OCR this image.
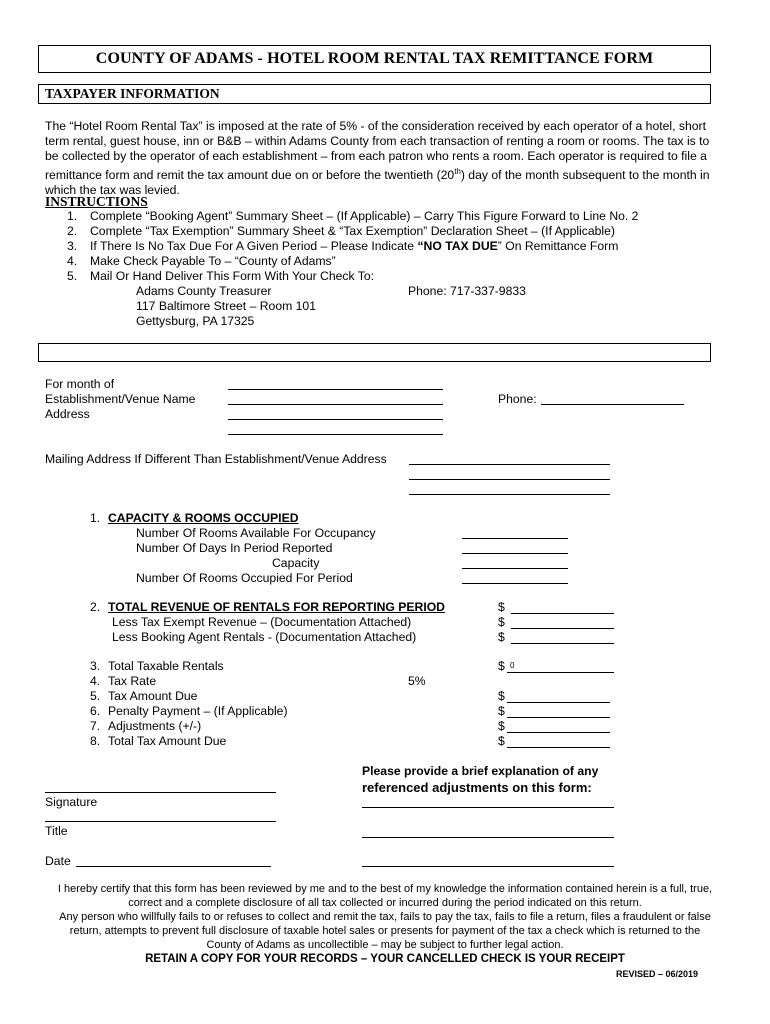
COUNTY OF ADAMS - HOTEL ROOM RENTAL TAX REMITTANCE FORM
TAXPAYER INFORMATION
The “Hotel Room Rental Tax” is imposed at the rate of 5% - of the consideration received by each operator of a hotel, short term rental, guest house, inn or B&B – within Adams County from each transaction of renting a room or rooms. The tax is to be collected by the operator of each establishment – from each patron who rents a room. Each operator is required to file a remittance form and remit the tax amount due on or before the twentieth (20th) day of the month subsequent to the month in which the tax was levied.
INSTRUCTIONS
1. Complete “Booking Agent” Summary Sheet – (If Applicable) – Carry This Figure Forward to Line No. 2
2. Complete “Tax Exemption” Summary Sheet & “Tax Exemption” Declaration Sheet – (If Applicable)
3. If There Is No Tax Due For A Given Period – Please Indicate “NO TAX DUE” On Remittance Form
4. Make Check Payable To – “County of Adams”
5. Mail Or Hand Deliver This Form With Your Check To:
Adams County Treasurer	Phone: 717-337-9833
117 Baltimore Street – Room 101
Gettysburg, PA 17325
For month of
Establishment/Venue Name	Phone:
Address
Mailing Address If Different Than Establishment/Venue Address
1. CAPACITY & ROOMS OCCUPIED
Number Of Rooms Available For Occupancy
Number Of Days In Period Reported
Capacity
Number Of Rooms Occupied For Period
2. TOTAL REVENUE OF RENTALS FOR REPORTING PERIOD	$
Less Tax Exempt Revenue – (Documentation Attached)	$
Less Booking Agent Rentals - (Documentation Attached)	$
3. Total Taxable Rentals	$ 0
4. Tax Rate	5%
5. Tax Amount Due	$
6. Penalty Payment – (If Applicable)	$
7. Adjustments (+/-)	$
8. Total Tax Amount Due	$
Please provide a brief explanation of any
referenced adjustments on this form:
Signature
Title
Date
I hereby certify that this form has been reviewed by me and to the best of my knowledge the information contained herein is a full, true,
correct and a complete disclosure of all tax collected or incurred during the period indicated on this return.
Any person who willfully fails to or refuses to collect and remit the tax, fails to pay the tax, fails to file a return, files a fraudulent or false
return, attempts to prevent full disclosure of taxable hotel sales or presents for payment of the tax a check which is returned to the
County of Adams as uncollectible – may be subject to further legal action.
RETAIN A COPY FOR YOUR RECORDS – YOUR CANCELLED CHECK IS YOUR RECEIPT
REVISED – 06/2019
